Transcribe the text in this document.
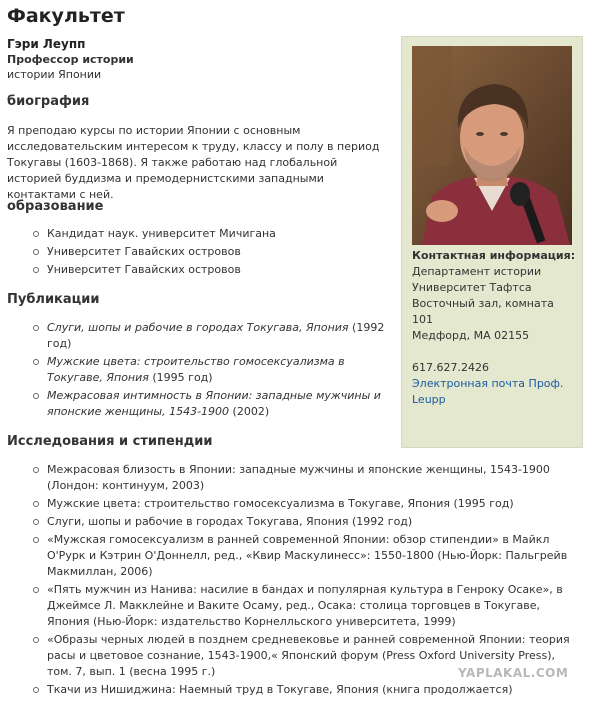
Факультет
Гэри Леупп
Профессор истории
истории Японии
биография

Я преподаю курсы по истории Японии с основным исследовательским интересом к труду, классу и полу в период Токугавы (1603-1868). Я также работаю над глобальной историей буддизма и премодернистскими западными контактами с ней.

образование
Кандидат наук. университет Мичигана
Университет Гавайских островов
Университет Гавайских островов
Публикации
Слуги, шопы и рабочие в городах Токугава, Япония (1992 год)
Мужские цвета: строительство гомосексуализма в Токугаве, Япония (1995 год)
Межрасовая интимность в Японии: западные мужчины и японские женщины, 1543-1900 (2002)
Исследования и стипендии
Межрасовая близость в Японии: западные мужчины и японские женщины, 1543-1900 (Лондон: континуум, 2003)
Мужские цвета: строительство гомосексуализма в Токугаве, Япония (1995 год)
Слуги, шопы и рабочие в городах Токугава, Япония (1992 год)
«Мужская гомосексуализм в ранней современной Японии: обзор стипендии» в Майкл О'Рурк и Кэтрин О'Доннелл, ред., «Квир Маскулинесс»: 1550-1800 (Нью-Йорк: Пальгрейв Макмиллан, 2006)
«Пять мужчин из Нанива: насилие в бандах и популярная культура в Генроку Осаке», в Джеймсе Л. Макклейне и Ваките Осаму, ред., Осака: столица торговцев в Токугаве, Япония (Нью-Йорк: издательство Корнелльского университета, 1999)
«Образы черных людей в позднем средневековье и ранней современной Японии: теория расы и цветовое сознание, 1543-1900,« Японский форум (Press Oxford University Press), том. 7, вып. 1 (весна 1995 г.)
Ткачи из Нишиджина: Наемный труд в Токугаве, Япония (книга продолжается)
Контактная информация:
Департамент истории
Университет Тафтса
Восточный зал, комната 101
Медфорд, MA 02155
617.627.2426
Электронная почта Проф. Leupp
YAPLAKAL.COM
